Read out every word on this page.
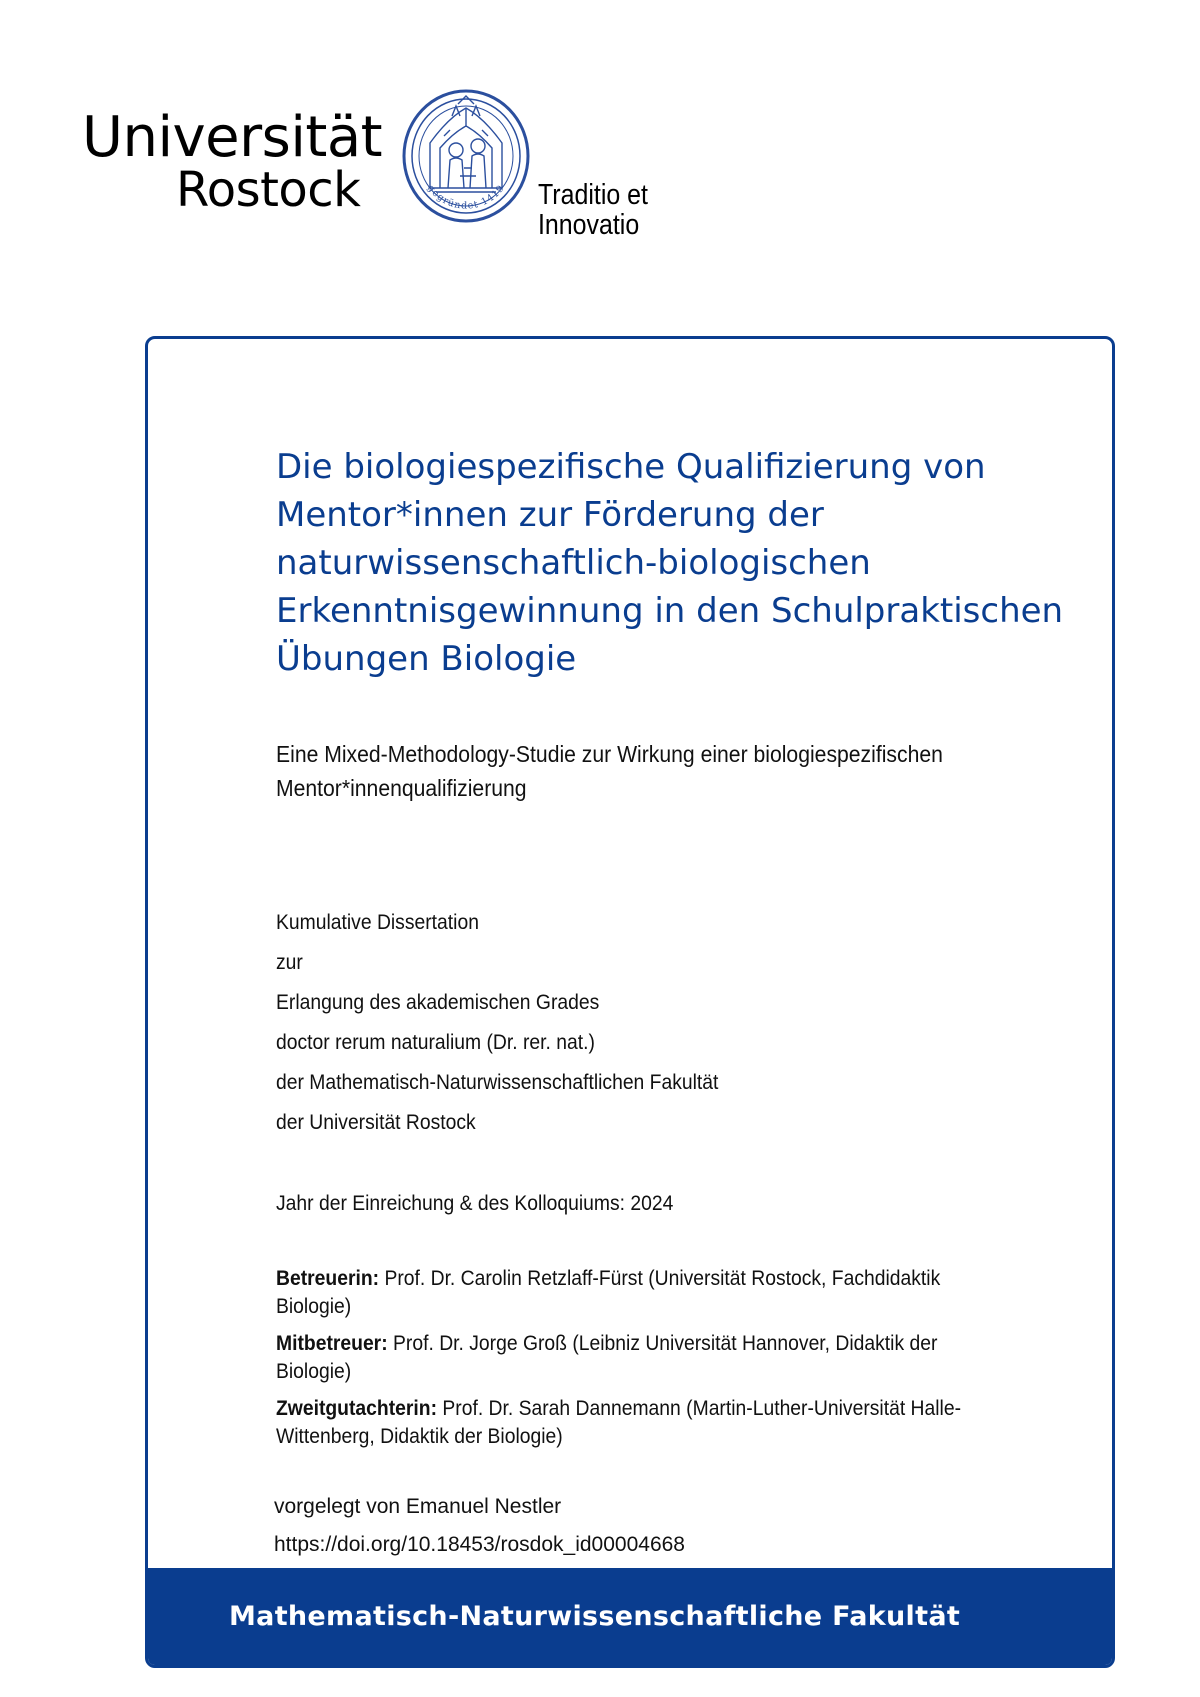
Universität
Rostock	gegründet 1419 Traditio et Innovatio
Die biologiespezifische Qualifizierung von Mentor*innen zur Förderung der naturwissenschaftlich-biologischen Erkenntnisgewinnung in den Schulpraktischen Übungen Biologie

Eine Mixed-Methodology-Studie zur Wirkung einer biologiespezifischen Mentor*innenqualifizierung

Kumulative Dissertation
zur
Erlangung des akademischen Grades
doctor rerum naturalium (Dr. rer. nat.)
der Mathematisch-Naturwissenschaftlichen Fakultät
der Universität Rostock
Jahr der Einreichung & des Kolloquiums: 2024
Betreuerin: Prof. Dr. Carolin Retzlaff-Fürst (Universität Rostock, Fachdidaktik Biologie)
Mitbetreuer: Prof. Dr. Jorge Groß (Leibniz Universität Hannover, Didaktik der Biologie)
Zweitgutachterin: Prof. Dr. Sarah Dannemann (Martin-Luther-Universität Halle-Wittenberg, Didaktik der Biologie)
vorgelegt von Emanuel Nestler
https://doi.org/10.18453/rosdok_id00004668
Mathematisch-Naturwissenschaftliche Fakultät
